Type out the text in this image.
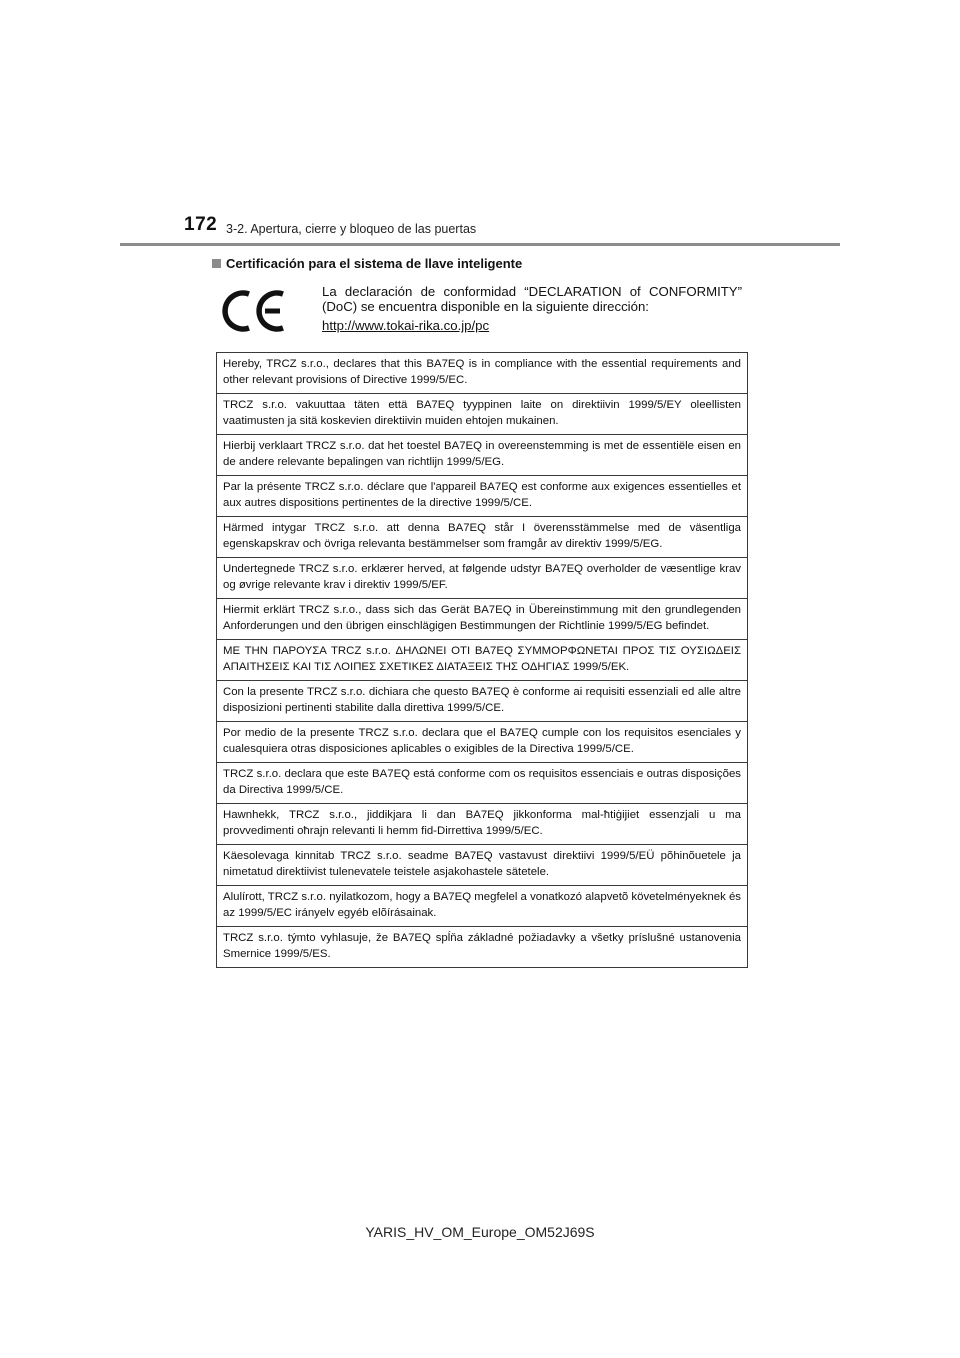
172 3-2. Apertura, cierre y bloqueo de las puertas
Certificación para el sistema de llave inteligente
La declaración de conformidad “DECLARATION of CONFORMITY” (DoC) se encuentra disponible en la siguiente dirección:
http://www.tokai-rika.co.jp/pc
Hereby, TRCZ s.r.o., declares that this BA7EQ is in compliance with the essential requirements and other relevant provisions of Directive 1999/5/EC.
TRCZ s.r.o. vakuuttaa täten että BA7EQ tyyppinen laite on direktiivin 1999/5/EY oleellisten vaatimusten ja sitä koskevien direktiivin muiden ehtojen mukainen.
Hierbij verklaart TRCZ s.r.o. dat het toestel BA7EQ in overeenstemming is met de essentiële eisen en de andere relevante bepalingen van richtlijn 1999/5/EG.
Par la présente TRCZ s.r.o. déclare que l'appareil BA7EQ est conforme aux exigences essentielles et aux autres dispositions pertinentes de la directive 1999/5/CE.
Härmed intygar TRCZ s.r.o. att denna BA7EQ står I överensstämmelse med de väsentliga egenskapskrav och övriga relevanta bestämmelser som framgår av direktiv 1999/5/EG.
Undertegnede TRCZ s.r.o. erklærer herved, at følgende udstyr BA7EQ overholder de væsentlige krav og øvrige relevante krav i direktiv 1999/5/EF.
Hiermit erklärt TRCZ s.r.o., dass sich das Gerät BA7EQ in Übereinstimmung mit den grundlegenden Anforderungen und den übrigen einschlägigen Bestimmungen der Richtlinie 1999/5/EG befindet.
ΜΕ ΤΗΝ ΠΑΡΟΥΣΑ TRCZ s.r.o. ΔΗΛΩΝΕΙ ΟΤΙ BA7EQ ΣΥΜΜΟΡΦΩΝΕΤΑΙ ΠΡΟΣ ΤΙΣ ΟΥΣΙΩΔΕΙΣ ΑΠΑΙΤΗΣΕΙΣ ΚΑΙ ΤΙΣ ΛΟΙΠΕΣ ΣΧΕΤΙΚΕΣ ΔΙΑΤΑΞΕΙΣ ΤΗΣ ΟΔΗΓΙΑΣ 1999/5/ΕΚ.
Con la presente TRCZ s.r.o. dichiara che questo BA7EQ è conforme ai requisiti essenziali ed alle altre disposizioni pertinenti stabilite dalla direttiva 1999/5/CE.
Por medio de la presente TRCZ s.r.o. declara que el BA7EQ cumple con los requisitos esenciales y cualesquiera otras disposiciones aplicables o exigibles de la Directiva 1999/5/CE.
TRCZ s.r.o. declara que este BA7EQ está conforme com os requisitos essenciais e outras disposições da Directiva 1999/5/CE.
Hawnhekk, TRCZ s.r.o., jiddikjara li dan BA7EQ jikkonforma mal-ħtiġijiet essenzjali u ma provvedimenti oħrajn relevanti li hemm fid-Dirrettiva 1999/5/EC.
Käesolevaga kinnitab TRCZ s.r.o. seadme BA7EQ vastavust direktiivi 1999/5/EÜ põhinõuetele ja nimetatud direktiivist tulenevatele teistele asjakohastele sätetele.
Alulírott, TRCZ s.r.o. nyilatkozom, hogy a BA7EQ megfelel a vonatkozó alapvetõ követelményeknek és az 1999/5/EC irányelv egyéb elõírásainak.
TRCZ s.r.o. týmto vyhlasuje, že BA7EQ spĺňa základné požiadavky a všetky príslušné ustanovenia Smernice 1999/5/ES.
YARIS_HV_OM_Europe_OM52J69S
